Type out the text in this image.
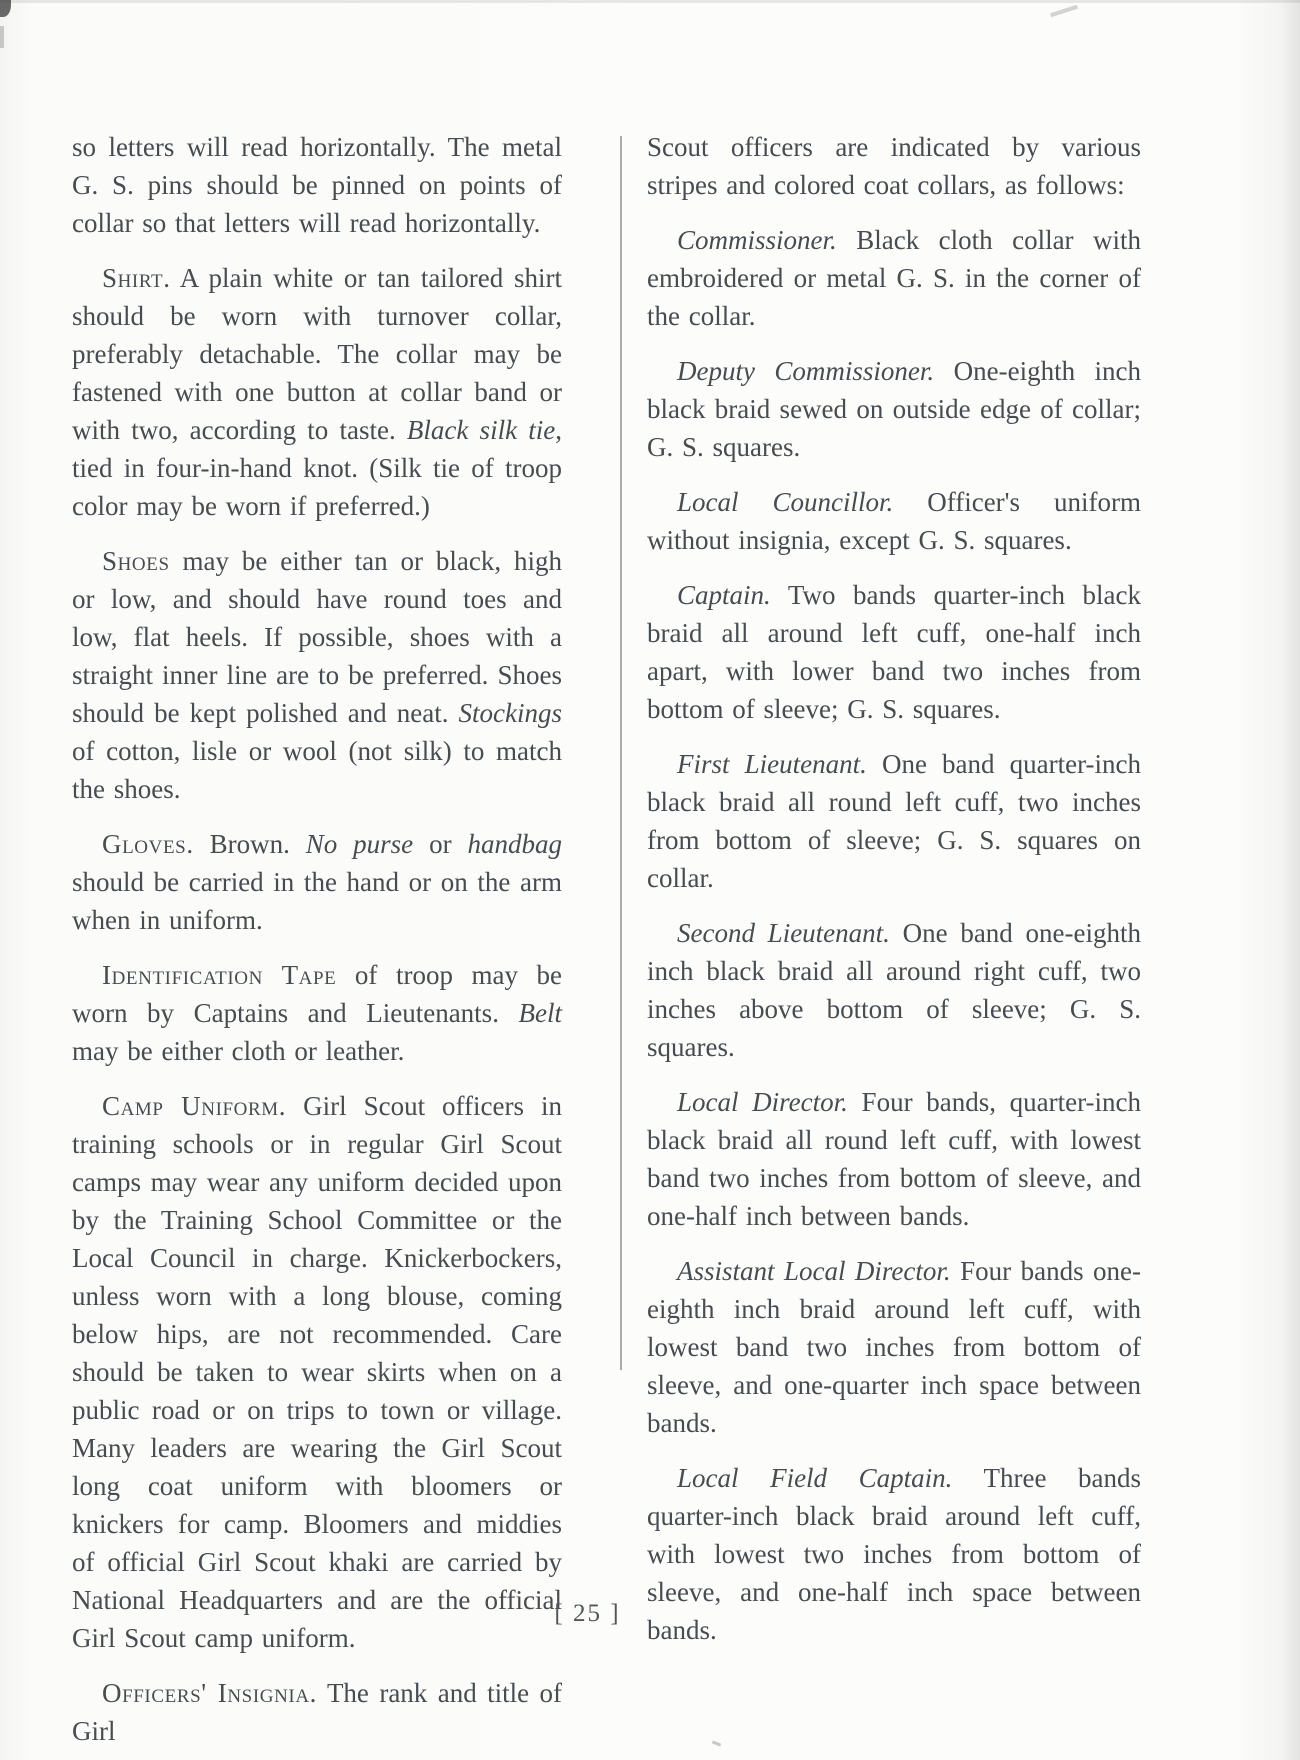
so letters will read horizontally. The metal G. S. pins should be pinned on points of collar so that letters will read horizontally.

Shirt. A plain white or tan tailored shirt should be worn with turnover collar, preferably detachable. The collar may be fastened with one button at collar band or with two, according to taste. Black silk tie, tied in four-in-hand knot. (Silk tie of troop color may be worn if preferred.)

Shoes may be either tan or black, high or low, and should have round toes and low, flat heels. If possible, shoes with a straight inner line are to be preferred. Shoes should be kept polished and neat. Stockings of cotton, lisle or wool (not silk) to match the shoes.

Gloves. Brown. No purse or handbag should be carried in the hand or on the arm when in uniform.

Identification Tape of troop may be worn by Captains and Lieutenants. Belt may be either cloth or leather.

Camp Uniform. Girl Scout officers in training schools or in regular Girl Scout camps may wear any uniform decided upon by the Training School Committee or the Local Council in charge. Knickerbockers, unless worn with a long blouse, coming below hips, are not recommended. Care should be taken to wear skirts when on a public road or on trips to town or village. Many leaders are wearing the Girl Scout long coat uniform with bloomers or knickers for camp. Bloomers and middies of official Girl Scout khaki are carried by National Headquarters and are the official Girl Scout camp uniform.

Officers' Insignia. The rank and title of Girl

Scout officers are indicated by various stripes and colored coat collars, as follows:

Commissioner. Black cloth collar with embroidered or metal G. S. in the corner of the collar.

Deputy Commissioner. One-eighth inch black braid sewed on outside edge of collar; G. S. squares.

Local Councillor. Officer's uniform without insignia, except G. S. squares.

Captain. Two bands quarter-inch black braid all around left cuff, one-half inch apart, with lower band two inches from bottom of sleeve; G. S. squares.

First Lieutenant. One band quarter-inch black braid all round left cuff, two inches from bottom of sleeve; G. S. squares on collar.

Second Lieutenant. One band one-eighth inch black braid all around right cuff, two inches above bottom of sleeve; G. S. squares.

Local Director. Four bands, quarter-inch black braid all round left cuff, with lowest band two inches from bottom of sleeve, and one-half inch between bands.

Assistant Local Director. Four bands one-eighth inch braid around left cuff, with lowest band two inches from bottom of sleeve, and one-quarter inch space between bands.

Local Field Captain. Three bands quarter-inch black braid around left cuff, with lowest two inches from bottom of sleeve, and one-half inch space between bands.

[ 25 ]
